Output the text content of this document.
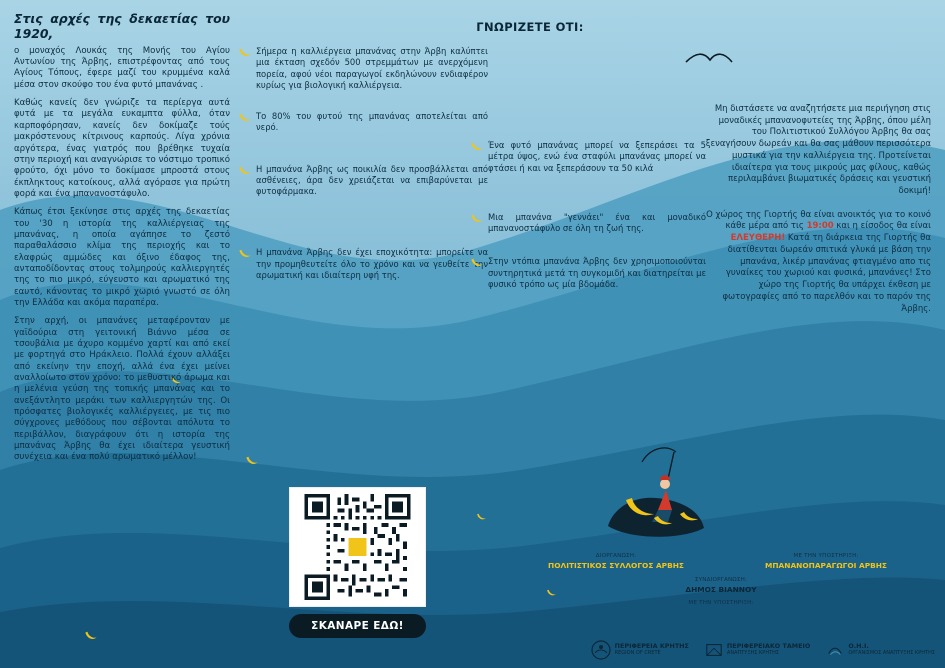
Στις αρχές της δεκαετίας του 1920,

ο μοναχός Λουκάς της Μονής του Αγίου Αντωνίου της Άρβης, επιστρέφοντας από τους Αγίους Τόπους, έφερε μαζί του κρυμμένα καλά μέσα στον σκούφο του ένα φυτό μπανάνας .

Καθώς κανείς δεν γνώριζε τα περίεργα αυτά φυτά με τα μεγάλα ευκαμπτα φύλλα, όταν καρποφόρησαν, κανείς δεν δοκίμαζε τούς μακρόστενους κίτρινους καρπούς. Λίγα χρόνια αργότερα, ένας γιατρός που βρέθηκε τυχαία στην περιοχή και αναγνώρισε το νόστιμο τροπικό φρούτο, όχι μόνο το δοκίμασε μπροστά στους έκπληκτους κατοίκους, αλλά αγόρασε για πρώτη φορά και ένα μπανανοστάφυλο.

Κάπως έτσι ξεκίνησε στις αρχές της δεκαετίας του '30 η ιστορία της καλλιέργειας της μπανάνας, η οποία αγάπησε το ζεστό παραθαλάσσιο κλίμα της περιοχής και το ελαφρώς αμμώδες και όξινο έδαφος της, ανταποδίδοντας στους τολμηρούς καλλιεργητές της το πιο μικρό, εύγευστο και αρωματικό της εαυτό, κάνοντας το μικρό χωριό γνωστό σε όλη την Ελλάδα και ακόμα παραπέρα.

Στην αρχή, οι μπανάνες μεταφέρονταν με γαϊδούρια στη γειτονική Βιάννο μέσα σε τσουβάλια με άχυρο κομμένο χαρτί και από εκεί με φορτηγά στο Ηράκλειο. Πολλά έχουν αλλάξει από εκείνην την εποχή, αλλά ένα έχει μείνει αναλλοίωτο στον χρόνο: το μεθυστικό άρωμα και η μελένια γεύση της τοπικής μπανάνας και το ανεξάντλητο μεράκι των καλλιεργητών της. Οι πρόσφατες βιολογικές καλλιέργειες, με τις πιο σύγχρονες μεθόδους που σέβονται απόλυτα το περιβάλλον, διαγράφουν ότι η ιστορία της μπανάνας Άρβης θα έχει ιδιαίτερα γευστική συνέχεια και ένα πολύ αρωματικό μέλλον!

ΓΝΩΡΙΖΕΤΕ ΟΤΙ:
Σήμερα η καλλιέργεια μπανάνας στην Άρβη καλύπτει μια έκταση σχεδόν 500 στρεμμάτων με ανερχόμενη πορεία, αφού νέοι παραγωγοί εκδηλώνουν ενδιαφέρον κυρίως για βιολογική καλλιέργεια.
Το 80% του φυτού της μπανάνας αποτελείται από νερό.
Η μπανάνα Άρβης ως ποικιλία δεν προσβάλλεται από ασθένειες, άρα δεν χρειάζεται να επιβαρύνεται με φυτοφάρμακα.
Η μπανάνα Άρβης δεν έχει εποχικότητα: μπορείτε να την προμηθευτείτε όλο το χρόνο και να γευθείτε την αρωματική και ιδιαίτερη υφή της.
Ένα φυτό μπανάνας μπορεί να ξεπεράσει τα 5 μέτρα ύψος, ενώ ένα σταφύλι μπανάνας μπορεί να φτάσει ή και να ξεπεράσουν τα 50 κιλά
Μια μπανάνα "γεννάει" ένα και μοναδικό μπανανοστάφυλο σε όλη τη ζωή της.
Στην ντόπια μπανάνα Άρβης δεν χρησιμοποιούνται συντηρητικά μετά τη συγκομιδή και διατηρείται με φυσικό τρόπο ως μία βδομάδα.

Μη διστάσετε να αναζητήσετε μια περιήγηση στις μοναδικές μπανανοφυτείες της Άρβης, όπου μέλη του Πολιτιστικού Συλλόγου Άρβης θα σας ξεναγήσουν δωρεάν και θα σας μάθουν περισσότερα μυστικά για την καλλιέργεια της. Προτείνεται ιδιαίτερα για τους μικρούς μας φίλους, καθώς περιλαμβάνει βιωματικές δράσεις και γευστική δοκιμή!

Ο χώρος της Γιορτής θα είναι ανοικτός για το κοινό κάθε μέρα από τις 19:00 και η είσοδος θα είναι ΕΛΕΥΘΕΡΗ! Κατά τη διάρκεια της Γιορτής θα διατίθενται δωρεάν σπιτικά γλυκά με βάση την μπανάνα, λικέρ μπανάνας φτιαγμένο απο τις γυναίκες του χωριού και φυσικά, μπανάνες! Στο χώρο της Γιορτής θα υπάρχει έκθεση με φωτογραφίες από το παρελθόν και το παρόν της Άρβης.

ΣΚΑΝΑΡΕ ΕΔΩ!
ΔΙΟΡΓΑΝΩΣΗ:
ΠΟΛΙΤΙΣΤΙΚΟΣ ΣΥΛΛΟΓΟΣ ΑΡΒΗΣ
ΜΕ ΤΗΝ ΥΠΟΣΤΗΡΙΞΗ:
ΜΠΑΝΑΝΟΠΑΡΑΓΩΓΟΙ ΑΡΒΗΣ
ΣΥΝΔΙΟΡΓΑΝΩΣΗ:
ΔΗΜΟΣ ΒΙΑΝΝΟΥ
ΜΕ ΤΗΝ ΥΠΟΣΤΗΡΙΞΗ:
ΠΕΡΙΦΕΡΕΙΑ ΚΡΗΤΗΣ
REGION OF CRETE
ΠΕΡΙΦΕΡΕΙΑΚΟ ΤΑΜΕΙΟ
ΑΝΑΠΤΥΞΗΣ ΚΡΗΤΗΣ
Ο.Η.Ι.
ΟΡΓΑΝΙΣΜΟΣ ΑΝΑΠΤΥΞΗΣ ΚΡΗΤΗΣ
